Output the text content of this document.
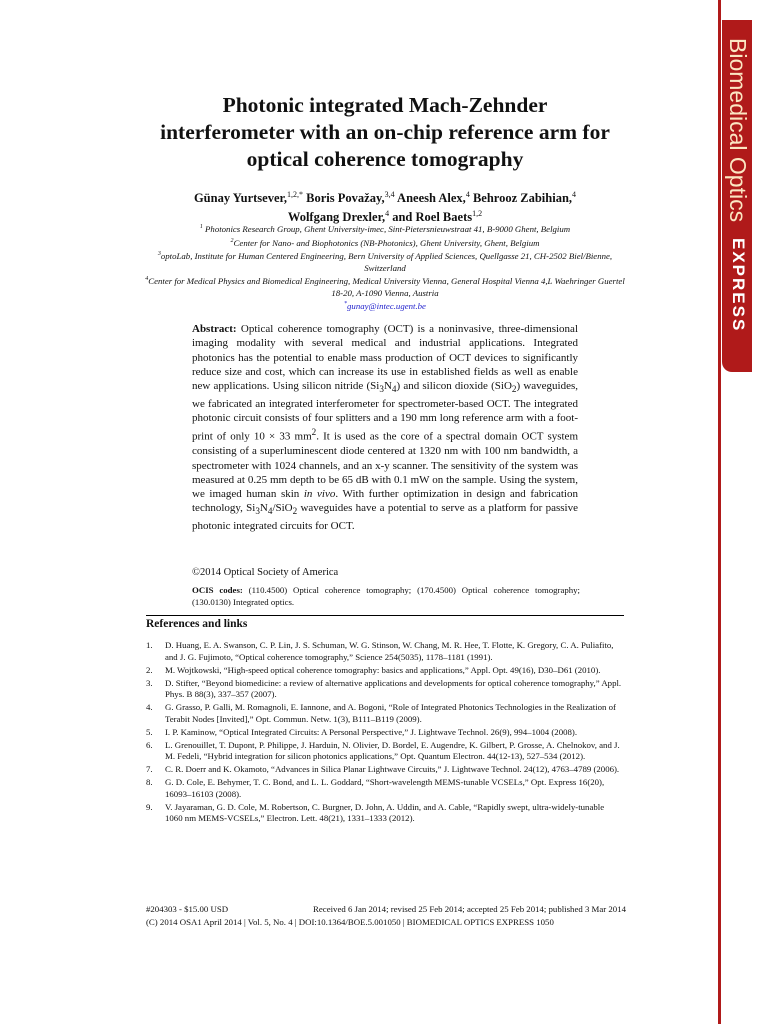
Biomedical Optics EXPRESS
Photonic integrated Mach-Zehnder
interferometer with an on-chip reference arm for
optical coherence tomography
Günay Yurtsever,$^{1,2,*}$ Boris Považay,$^{3,4}$ Aneesh Alex,$^4$ Behrooz Zabihian,$^4$
Wolfgang Drexler,$^4$ and Roel Baets$^{1,2}$

$^1$ Photonics Research Group, Ghent University-imec, Sint-Pietersnieuwstraat 41, B-9000 Ghent, Belgium

$^2$Center for Nano- and Biophotonics (NB-Photonics), Ghent University, Ghent, Belgium

$^3$optoLab, Institute for Human Centered Engineering, Bern University of Applied Sciences, Quellgasse 21, CH-2502 Biel/Bienne, Switzerland

$^4$Center for Medical Physics and Biomedical Engineering, Medical University Vienna, General Hospital Vienna 4,L Waehringer Guertel 18-20, A-1090 Vienna, Austria

*gunay@intec.ugent.be

Abstract: Optical coherence tomography (OCT) is a noninvasive, three-dimensional imaging modality with several medical and industrial applications. Integrated photonics has the potential to enable mass production of OCT devices to significantly reduce size and cost, which can increase its use in established fields as well as enable new applications. Using silicon nitride $(Si_3N_4)$ and silicon dioxide (SiO$_2$) waveguides, we fabricated an integrated interferometer for spectrometer-based OCT. The integrated photonic circuit consists of four splitters and a 190 mm long reference arm with a foot-print of only 10 × 33 $mm^2$. It is used as the core of a spectral domain OCT system consisting of a superluminescent diode centered at 1320 nm with 100 nm bandwidth, a spectrometer with 1024 channels, and an x-y scanner. The sensitivity of the system was measured at 0.25 mm depth to be 65 dB with 0.1 mW on the sample. Using the system, we imaged human skin in vivo. With further optimization in design and fabrication technology, $Si_3N_4/SiO_2$ waveguides have a potential to serve as a platform for passive photonic integrated circuits for OCT.
©2014 Optical Society of America
OCIS codes: (110.4500) Optical coherence tomography; (170.4500) Optical coherence tomography; (130.0130) Integrated optics.
References and links
1. D. Huang, E. A. Swanson, C. P. Lin, J. S. Schuman, W. G. Stinson, W. Chang, M. R. Hee, T. Flotte, K. Gregory, C. A. Puliafito, and J. G. Fujimoto, “Optical coherence tomography,” Science 254(5035), 1178–1181 (1991).
2. M. Wojtkowski, “High-speed optical coherence tomography: basics and applications,” Appl. Opt. 49(16), D30–D61 (2010).
3. D. Stifter, “Beyond biomedicine: a review of alternative applications and developments for optical coherence tomography,” Appl. Phys. B 88(3), 337–357 (2007).
4. G. Grasso, P. Galli, M. Romagnoli, E. Iannone, and A. Bogoni, “Role of Integrated Photonics Technologies in the Realization of Terabit Nodes [Invited],” Opt. Commun. Netw. 1(3), B111–B119 (2009).
5. I. P. Kaminow, “Optical Integrated Circuits: A Personal Perspective,” J. Lightwave Technol. 26(9), 994–1004 (2008).
6. L. Grenouillet, T. Dupont, P. Philippe, J. Harduin, N. Olivier, D. Bordel, E. Augendre, K. Gilbert, P. Grosse, A. Chelnokov, and J. M. Fedeli, “Hybrid integration for silicon photonics applications,” Opt. Quantum Electron. 44(12-13), 527–534 (2012).
7. C. R. Doerr and K. Okamoto, “Advances in Silica Planar Lightwave Circuits,” J. Lightwave Technol. 24(12), 4763–4789 (2006).
8. G. D. Cole, E. Behymer, T. C. Bond, and L. L. Goddard, “Short-wavelength MEMS-tunable VCSELs,” Opt. Express 16(20), 16093–16103 (2008).
9. V. Jayaraman, G. D. Cole, M. Robertson, C. Burgner, D. John, A. Uddin, and A. Cable, “Rapidly swept, ultra-widely-tunable 1060 nm MEMS-VCSELs,” Electron. Lett. 48(21), 1331–1333 (2012).
#204303 - $15.00 USD	Received 6 Jan 2014; revised 25 Feb 2014; accepted 25 Feb 2014; published 3 Mar 2014
(C) 2014 OSA1 April 2014 | Vol. 5, No. 4 | DOI:10.1364/BOE.5.001050 | BIOMEDICAL OPTICS EXPRESS 1050
